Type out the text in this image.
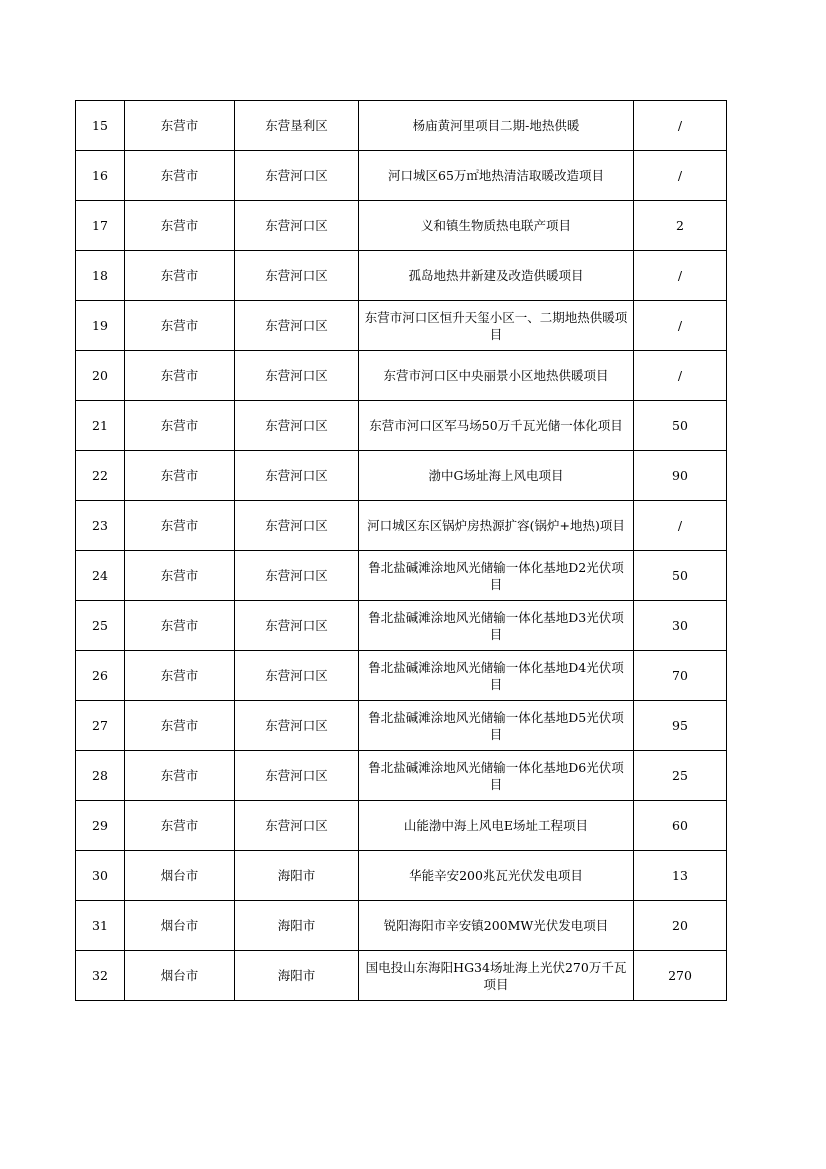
15	东营市	东营垦利区	杨庙黄河里项目二期-地热供暖	/
16	东营市	东营河口区	河口城区65万㎡地热清洁取暖改造项目	/
17	东营市	东营河口区	义和镇生物质热电联产项目	2
18	东营市	东营河口区	孤岛地热井新建及改造供暖项目	/
19	东营市	东营河口区	东营市河口区恒升天玺小区一、二期地热供暖项目	/
20	东营市	东营河口区	东营市河口区中央丽景小区地热供暖项目	/
21	东营市	东营河口区	东营市河口区军马场50万千瓦光储一体化项目	50
22	东营市	东营河口区	渤中G场址海上风电项目	90
23	东营市	东营河口区	河口城区东区锅炉房热源扩容(锅炉+地热)项目	/
24	东营市	东营河口区	鲁北盐碱滩涂地风光储输一体化基地D2光伏项目	50
25	东营市	东营河口区	鲁北盐碱滩涂地风光储输一体化基地D3光伏项目	30
26	东营市	东营河口区	鲁北盐碱滩涂地风光储输一体化基地D4光伏项目	70
27	东营市	东营河口区	鲁北盐碱滩涂地风光储输一体化基地D5光伏项目	95
28	东营市	东营河口区	鲁北盐碱滩涂地风光储输一体化基地D6光伏项目	25
29	东营市	东营河口区	山能渤中海上风电E场址工程项目	60
30	烟台市	海阳市	华能辛安200兆瓦光伏发电项目	13
31	烟台市	海阳市	锐阳海阳市辛安镇200MW光伏发电项目	20
32	烟台市	海阳市	国电投山东海阳HG34场址海上光伏270万千瓦项目	270
